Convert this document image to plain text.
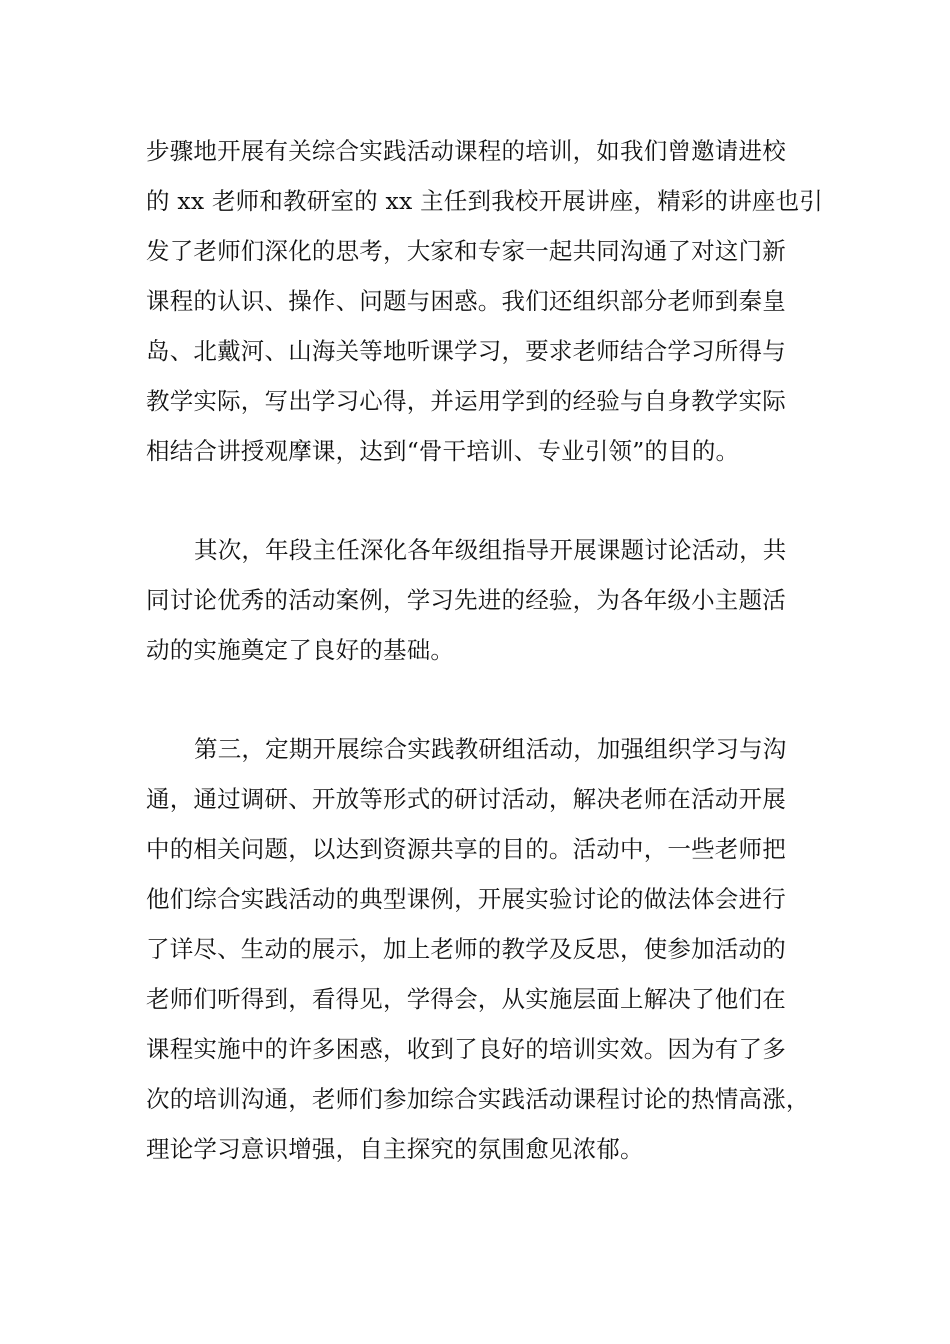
步骤地开展有关综合实践活动课程的培训，如我们曾邀请进校
的 xx 老师和教研室的 xx 主任到我校开展讲座，精彩的讲座也引
发了老师们深化的思考，大家和专家一起共同沟通了对这门新
课程的认识、操作、问题与困惑。我们还组织部分老师到秦皇
岛、北戴河、山海关等地听课学习，要求老师结合学习所得与
教学实际，写出学习心得，并运用学到的经验与自身教学实际
相结合讲授观摩课，达到“骨干培训、专业引领”的目的。
其次，年段主任深化各年级组指导开展课题讨论活动，共
同讨论优秀的活动案例，学习先进的经验，为各年级小主题活
动的实施奠定了良好的基础。
第三，定期开展综合实践教研组活动，加强组织学习与沟
通，通过调研、开放等形式的研讨活动，解决老师在活动开展
中的相关问题，以达到资源共享的目的。活动中，一些老师把
他们综合实践活动的典型课例，开展实验讨论的做法体会进行
了详尽、生动的展示，加上老师的教学及反思，使参加活动的
老师们听得到，看得见，学得会，从实施层面上解决了他们在
课程实施中的许多困惑，收到了良好的培训实效。因为有了多
次的培训沟通，老师们参加综合实践活动课程讨论的热情高涨，
理论学习意识增强，自主探究的氛围愈见浓郁。
